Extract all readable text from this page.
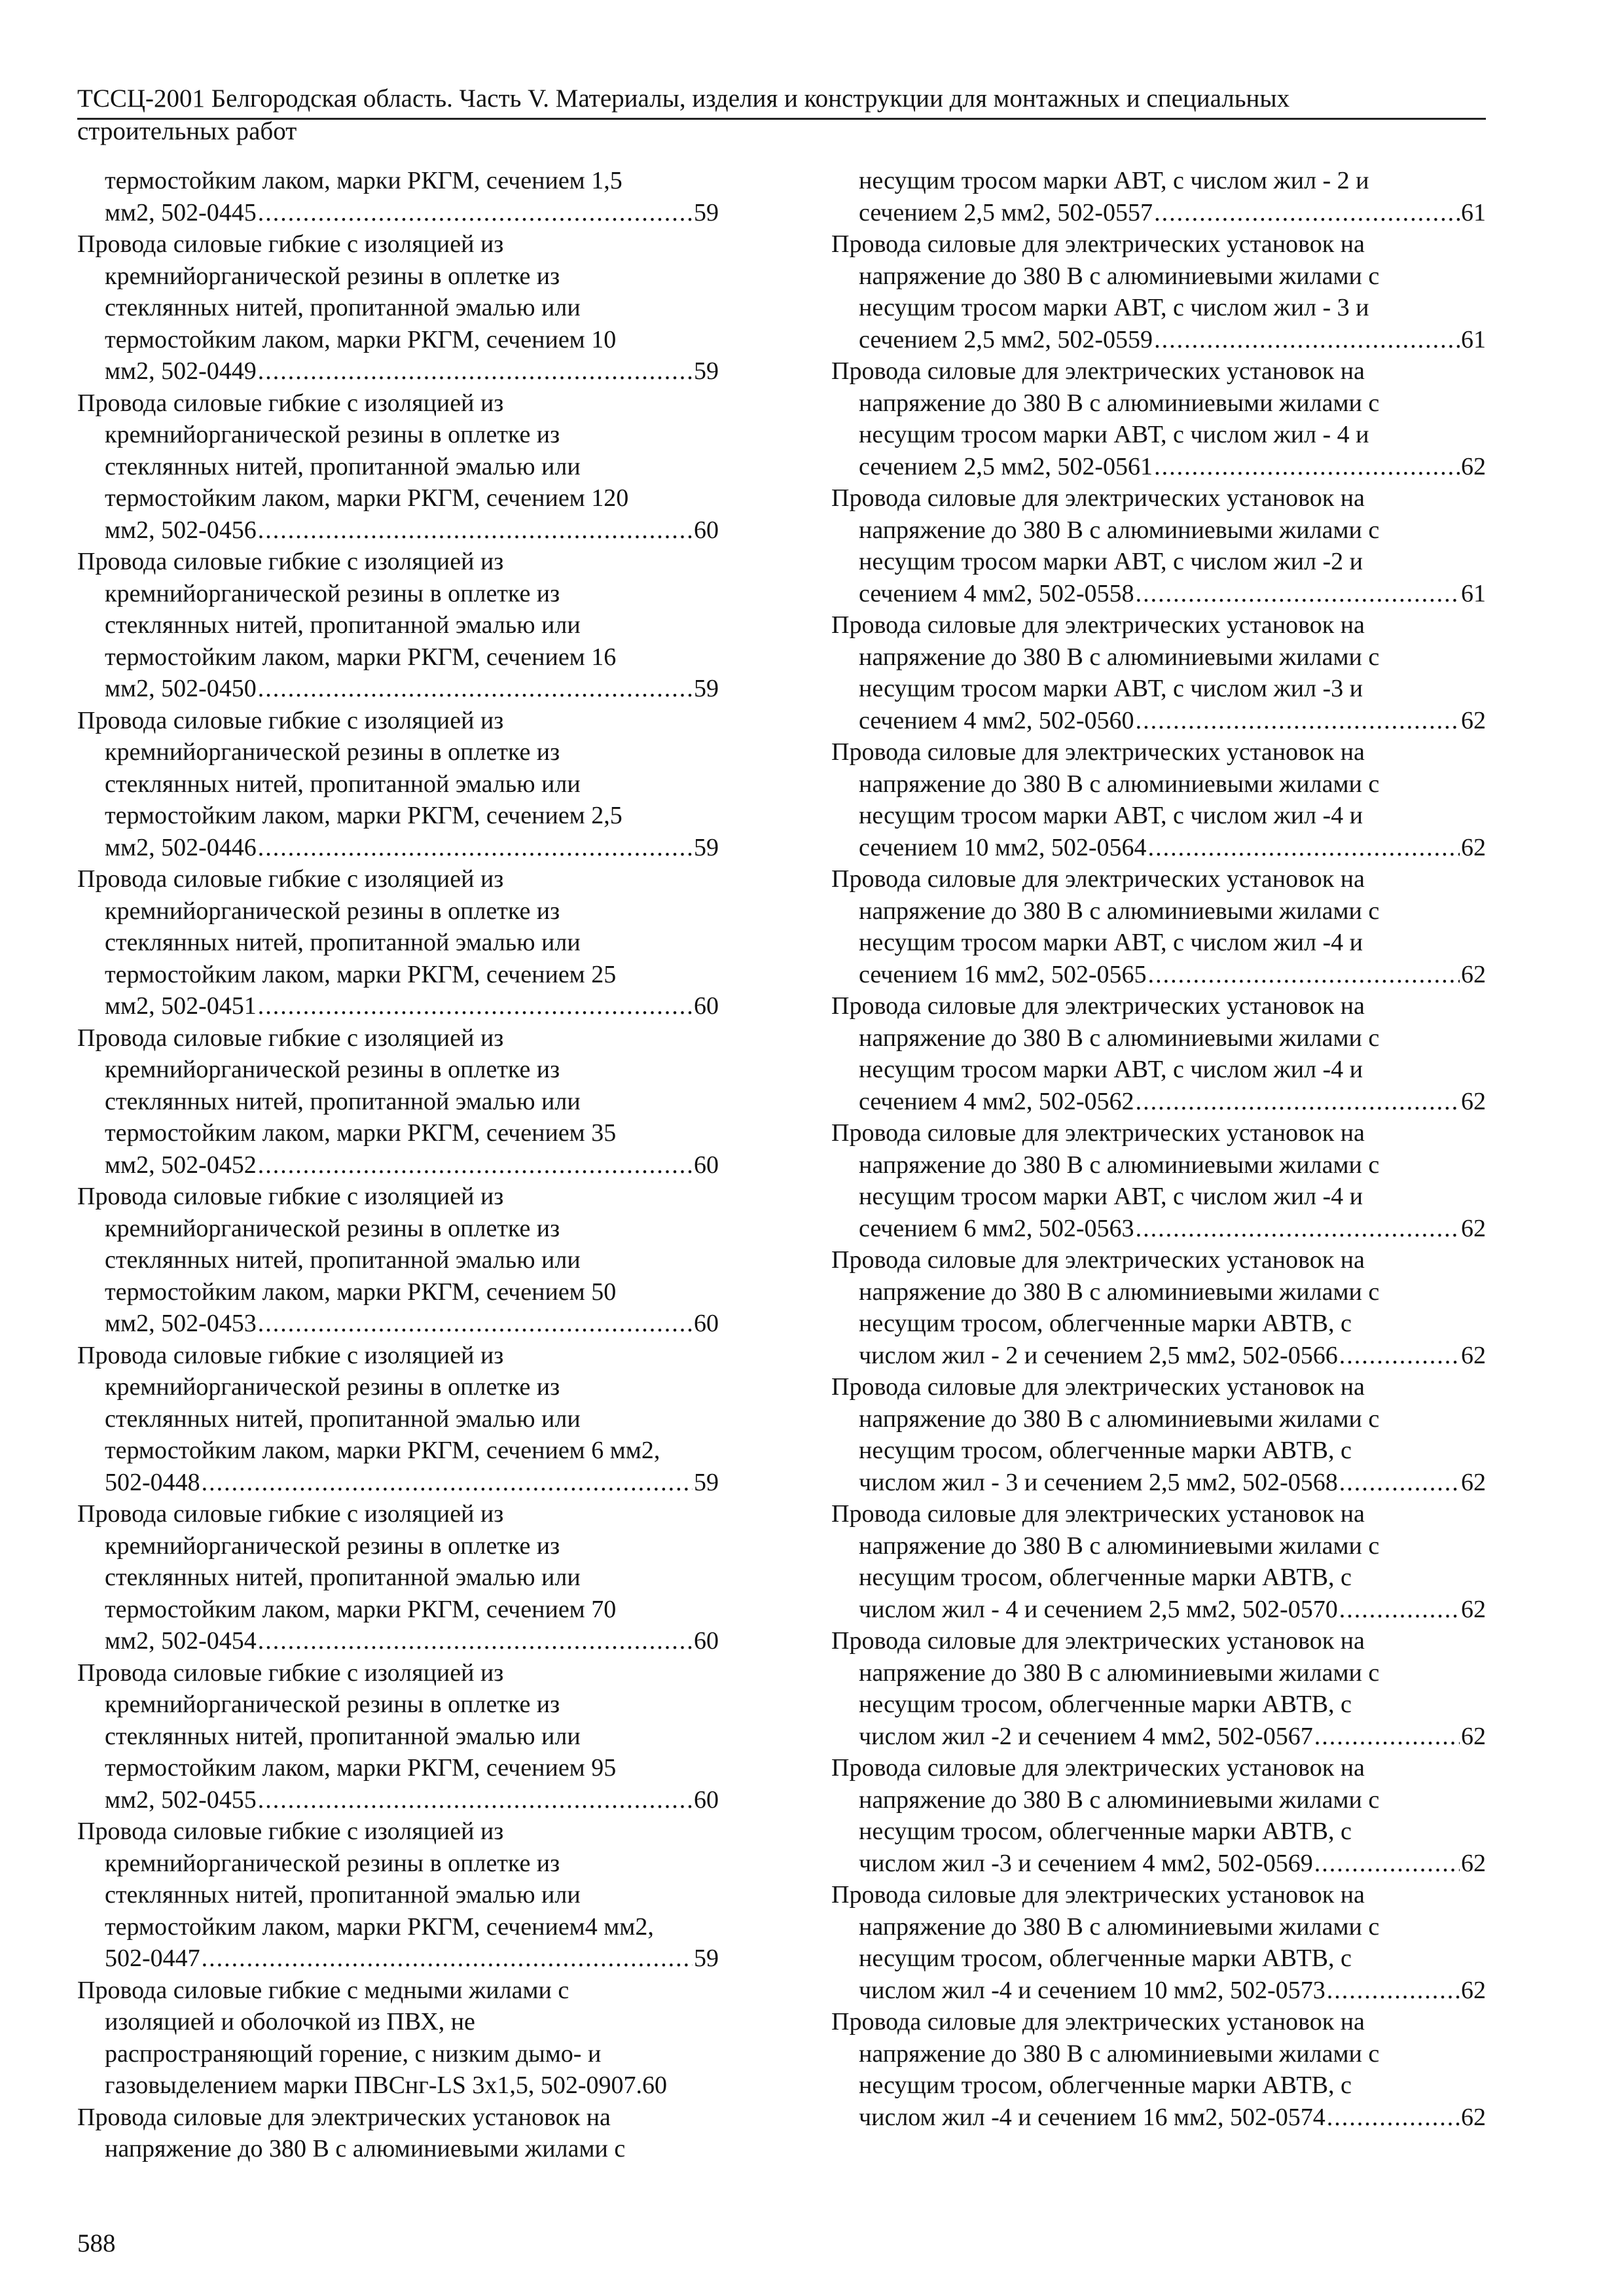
ТССЦ-2001 Белгородская область. Часть V. Материалы, изделия и конструкции для монтажных и специальных
строительных работ
термостойким лаком, марки РКГМ, сечением 1,5
мм2, 502-0445 .....	59
Провода силовые гибкие с изоляцией из
кремнийорганической резины в оплетке из
стеклянных нитей, пропитанной эмалью или
термостойким лаком, марки РКГМ, сечением 10
мм2, 502-0449 .....	59
Провода силовые гибкие с изоляцией из
кремнийорганической резины в оплетке из
стеклянных нитей, пропитанной эмалью или
термостойким лаком, марки РКГМ, сечением 120
мм2, 502-0456 .....	60
Провода силовые гибкие с изоляцией из
кремнийорганической резины в оплетке из
стеклянных нитей, пропитанной эмалью или
термостойким лаком, марки РКГМ, сечением 16
мм2, 502-0450 .....	59
Провода силовые гибкие с изоляцией из
кремнийорганической резины в оплетке из
стеклянных нитей, пропитанной эмалью или
термостойким лаком, марки РКГМ, сечением 2,5
мм2, 502-0446 .....	59
Провода силовые гибкие с изоляцией из
кремнийорганической резины в оплетке из
стеклянных нитей, пропитанной эмалью или
термостойким лаком, марки РКГМ, сечением 25
мм2, 502-0451 .....	60
Провода силовые гибкие с изоляцией из
кремнийорганической резины в оплетке из
стеклянных нитей, пропитанной эмалью или
термостойким лаком, марки РКГМ, сечением 35
мм2, 502-0452 .....	60
Провода силовые гибкие с изоляцией из
кремнийорганической резины в оплетке из
стеклянных нитей, пропитанной эмалью или
термостойким лаком, марки РКГМ, сечением 50
мм2, 502-0453 .....	60
Провода силовые гибкие с изоляцией из
кремнийорганической резины в оплетке из
стеклянных нитей, пропитанной эмалью или
термостойким лаком, марки РКГМ, сечением 6 мм2,
502-0448 .....	59
Провода силовые гибкие с изоляцией из
кремнийорганической резины в оплетке из
стеклянных нитей, пропитанной эмалью или
термостойким лаком, марки РКГМ, сечением 70
мм2, 502-0454 .....	60
Провода силовые гибкие с изоляцией из
кремнийорганической резины в оплетке из
стеклянных нитей, пропитанной эмалью или
термостойким лаком, марки РКГМ, сечением 95
мм2, 502-0455 .....	60
Провода силовые гибкие с изоляцией из
кремнийорганической резины в оплетке из
стеклянных нитей, пропитанной эмалью или
термостойким лаком, марки РКГМ, сечением4 мм2,
502-0447 .....	59
Провода силовые гибкие с медными жилами с
изоляцией и оболочкой из ПВХ, не
распространяющий горение, с низким дымо- и
газовыделением марки ПВСнг-LS 3х1,5, 502-0907 .60
Провода силовые для электрических установок на
напряжение до 380 В с алюминиевыми жилами с
несущим тросом марки АВТ, с числом жил - 2 и
сечением 2,5 мм2, 502-0557 .....	61
Провода силовые для электрических установок на
напряжение до 380 В с алюминиевыми жилами с
несущим тросом марки АВТ, с числом жил - 3 и
сечением 2,5 мм2, 502-0559 .....	61
Провода силовые для электрических установок на
напряжение до 380 В с алюминиевыми жилами с
несущим тросом марки АВТ, с числом жил - 4 и
сечением 2,5 мм2, 502-0561 .....	62
Провода силовые для электрических установок на
напряжение до 380 В с алюминиевыми жилами с
несущим тросом марки АВТ, с числом жил -2 и
сечением 4 мм2, 502-0558 .....	61
Провода силовые для электрических установок на
напряжение до 380 В с алюминиевыми жилами с
несущим тросом марки АВТ, с числом жил -3 и
сечением 4 мм2, 502-0560 .....	62
Провода силовые для электрических установок на
напряжение до 380 В с алюминиевыми жилами с
несущим тросом марки АВТ, с числом жил -4 и
сечением 10 мм2, 502-0564 .....	62
Провода силовые для электрических установок на
напряжение до 380 В с алюминиевыми жилами с
несущим тросом марки АВТ, с числом жил -4 и
сечением 16 мм2, 502-0565 .....	62
Провода силовые для электрических установок на
напряжение до 380 В с алюминиевыми жилами с
несущим тросом марки АВТ, с числом жил -4 и
сечением 4 мм2, 502-0562 .....	62
Провода силовые для электрических установок на
напряжение до 380 В с алюминиевыми жилами с
несущим тросом марки АВТ, с числом жил -4 и
сечением 6 мм2, 502-0563 .....	62
Провода силовые для электрических установок на
напряжение до 380 В с алюминиевыми жилами с
несущим тросом, облегченные марки АВТВ, с
числом жил - 2 и сечением 2,5 мм2, 502-0566 .....	62
Провода силовые для электрических установок на
напряжение до 380 В с алюминиевыми жилами с
несущим тросом, облегченные марки АВТВ, с
числом жил - 3 и сечением 2,5 мм2, 502-0568 .....	62
Провода силовые для электрических установок на
напряжение до 380 В с алюминиевыми жилами с
несущим тросом, облегченные марки АВТВ, с
числом жил - 4 и сечением 2,5 мм2, 502-0570 .....	62
Провода силовые для электрических установок на
напряжение до 380 В с алюминиевыми жилами с
несущим тросом, облегченные марки АВТВ, с
числом жил -2 и сечением 4 мм2, 502-0567 .....	62
Провода силовые для электрических установок на
напряжение до 380 В с алюминиевыми жилами с
несущим тросом, облегченные марки АВТВ, с
числом жил -3 и сечением 4 мм2, 502-0569 .....	62
Провода силовые для электрических установок на
напряжение до 380 В с алюминиевыми жилами с
несущим тросом, облегченные марки АВТВ, с
числом жил -4 и сечением 10 мм2, 502-0573 .....	62
Провода силовые для электрических установок на
напряжение до 380 В с алюминиевыми жилами с
несущим тросом, облегченные марки АВТВ, с
числом жил -4 и сечением 16 мм2, 502-0574 .....	62
588
